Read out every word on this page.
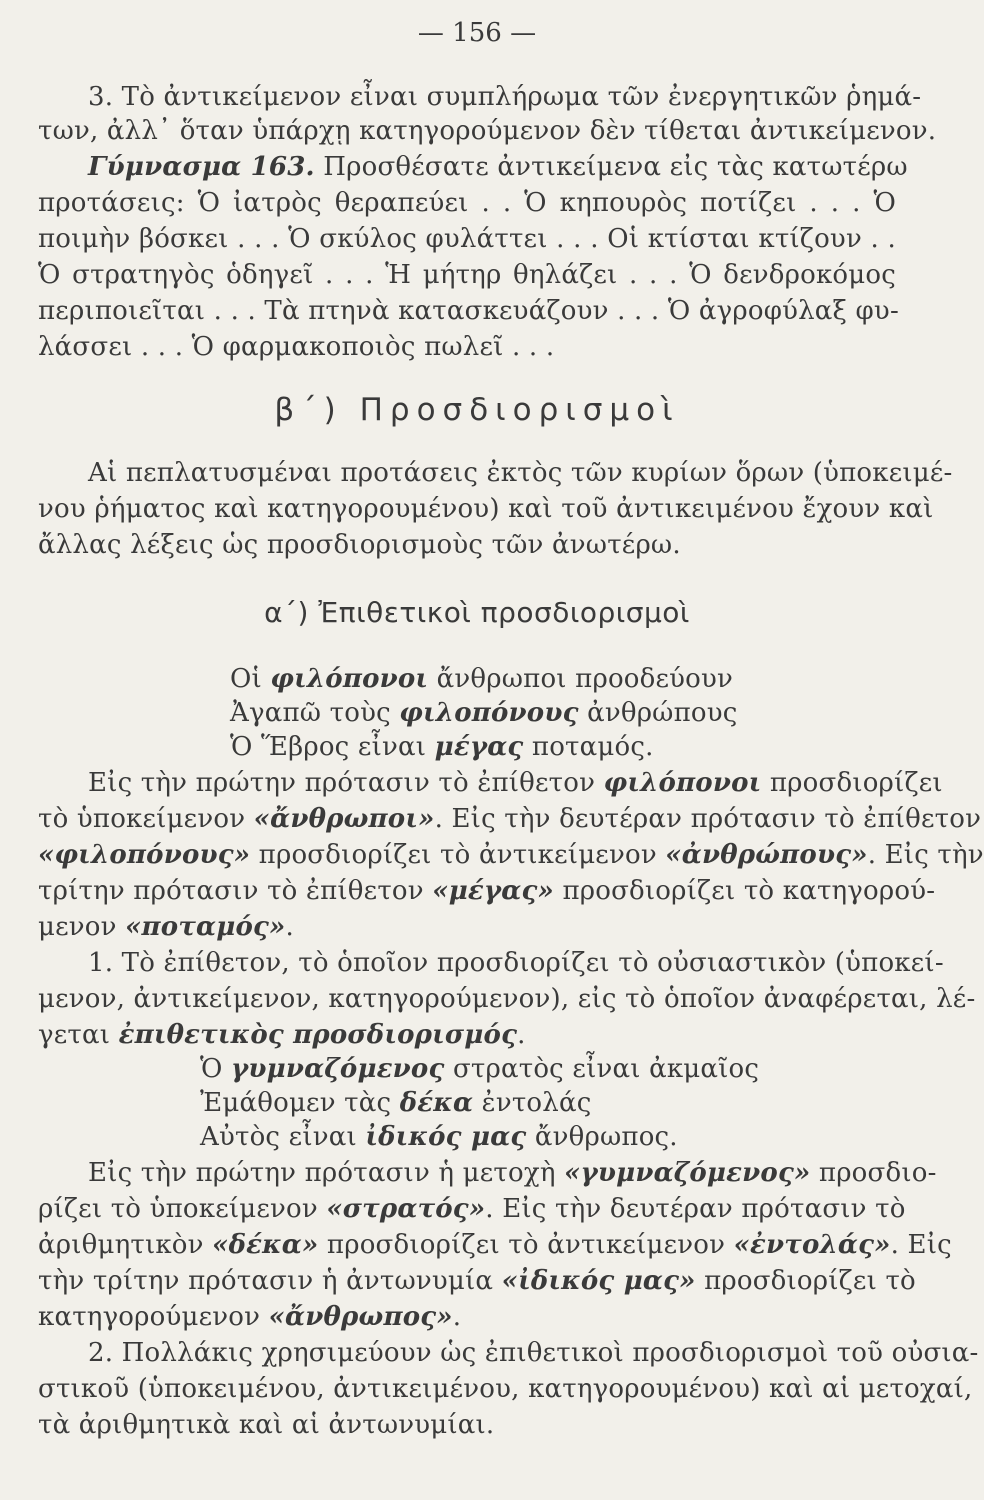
— 156 —
3. Τὸ ἀντικείμενον εἶναι συμπλήρωμα τῶν ἐνεργητικῶν ῥημά-
των, ἀλλ᾽ ὅταν ὑπάρχῃ κατηγορούμενον δὲν τίθεται ἀντικείμενον.
Γύμνασμα 163. Προσθέσατε ἀντικείμενα εἰς τὰς κατωτέρω
προτάσεις: Ὁ ἰατρὸς θεραπεύει . . Ὁ κηπουρὸς ποτίζει . . . Ὁ
ποιμὴν βόσκει . . . Ὁ σκύλος φυλάττει . . . Οἱ κτίσται κτίζουν . .
Ὁ στρατηγὸς ὁδηγεῖ . . . Ἡ μήτηρ θηλάζει . . . Ὁ δενδροκόμος
περιποιεῖται . . . Τὰ πτηνὰ κατασκευάζουν . . . Ὁ ἀγροφύλαξ φυ-
λάσσει . . . Ὁ φαρμακοποιὸς πωλεῖ . . .
β΄) Προσδιορισμοὶ
Αἱ πεπλατυσμέναι προτάσεις ἐκτὸς τῶν κυρίων ὅρων (ὑποκειμέ-
νου ῥήματος καὶ κατηγορουμένου) καὶ τοῦ ἀντικειμένου ἔχουν καὶ
ἄλλας λέξεις ὡς προσδιορισμοὺς τῶν ἀνωτέρω.
α΄) Ἐπιθετικοὶ προσδιορισμοὶ
Οἱ φιλόπονοι ἄνθρωποι προοδεύουν
Ἀγαπῶ τοὺς φιλοπόνους ἀνθρώπους
Ὁ Ἕβρος εἶναι μέγας ποταμός.
Εἰς τὴν πρώτην πρότασιν τὸ ἐπίθετον φιλόπονοι προσδιορίζει
τὸ ὑποκείμενον «ἄνθρωποι». Εἰς τὴν δευτέραν πρότασιν τὸ ἐπίθετον
«φιλοπόνους» προσδιορίζει τὸ ἀντικείμενον «ἀνθρώπους». Εἰς τὴν
τρίτην πρότασιν τὸ ἐπίθετον «μέγας» προσδιορίζει τὸ κατηγορού-
μενον «ποταμός».
1. Τὸ ἐπίθετον, τὸ ὁποῖον προσδιορίζει τὸ οὐσιαστικὸν (ὑποκεί-
μενον, ἀντικείμενον, κατηγορούμενον), εἰς τὸ ὁποῖον ἀναφέρεται, λέ-
γεται ἐπιθετικὸς προσδιορισμός.
Ὁ γυμναζόμενος στρατὸς εἶναι ἀκμαῖος
Ἐμάθομεν τὰς δέκα ἐντολάς
Αὐτὸς εἶναι ἰδικός μας ἄνθρωπος.
Εἰς τὴν πρώτην πρότασιν ἡ μετοχὴ «γυμναζόμενος» προσδιο-
ρίζει τὸ ὑποκείμενον «στρατός». Εἰς τὴν δευτέραν πρότασιν τὸ
ἀριθμητικὸν «δέκα» προσδιορίζει τὸ ἀντικείμενον «ἐντολάς». Εἰς
τὴν τρίτην πρότασιν ἡ ἀντωνυμία «ἰδικός μας» προσδιορίζει τὸ
κατηγορούμενον «ἄνθρωπος».
2. Πολλάκις χρησιμεύουν ὡς ἐπιθετικοὶ προσδιορισμοὶ τοῦ οὐσια-
στικοῦ (ὑποκειμένου, ἀντικειμένου, κατηγορουμένου) καὶ αἱ μετοχαί,
τὰ ἀριθμητικὰ καὶ αἱ ἀντωνυμίαι.
